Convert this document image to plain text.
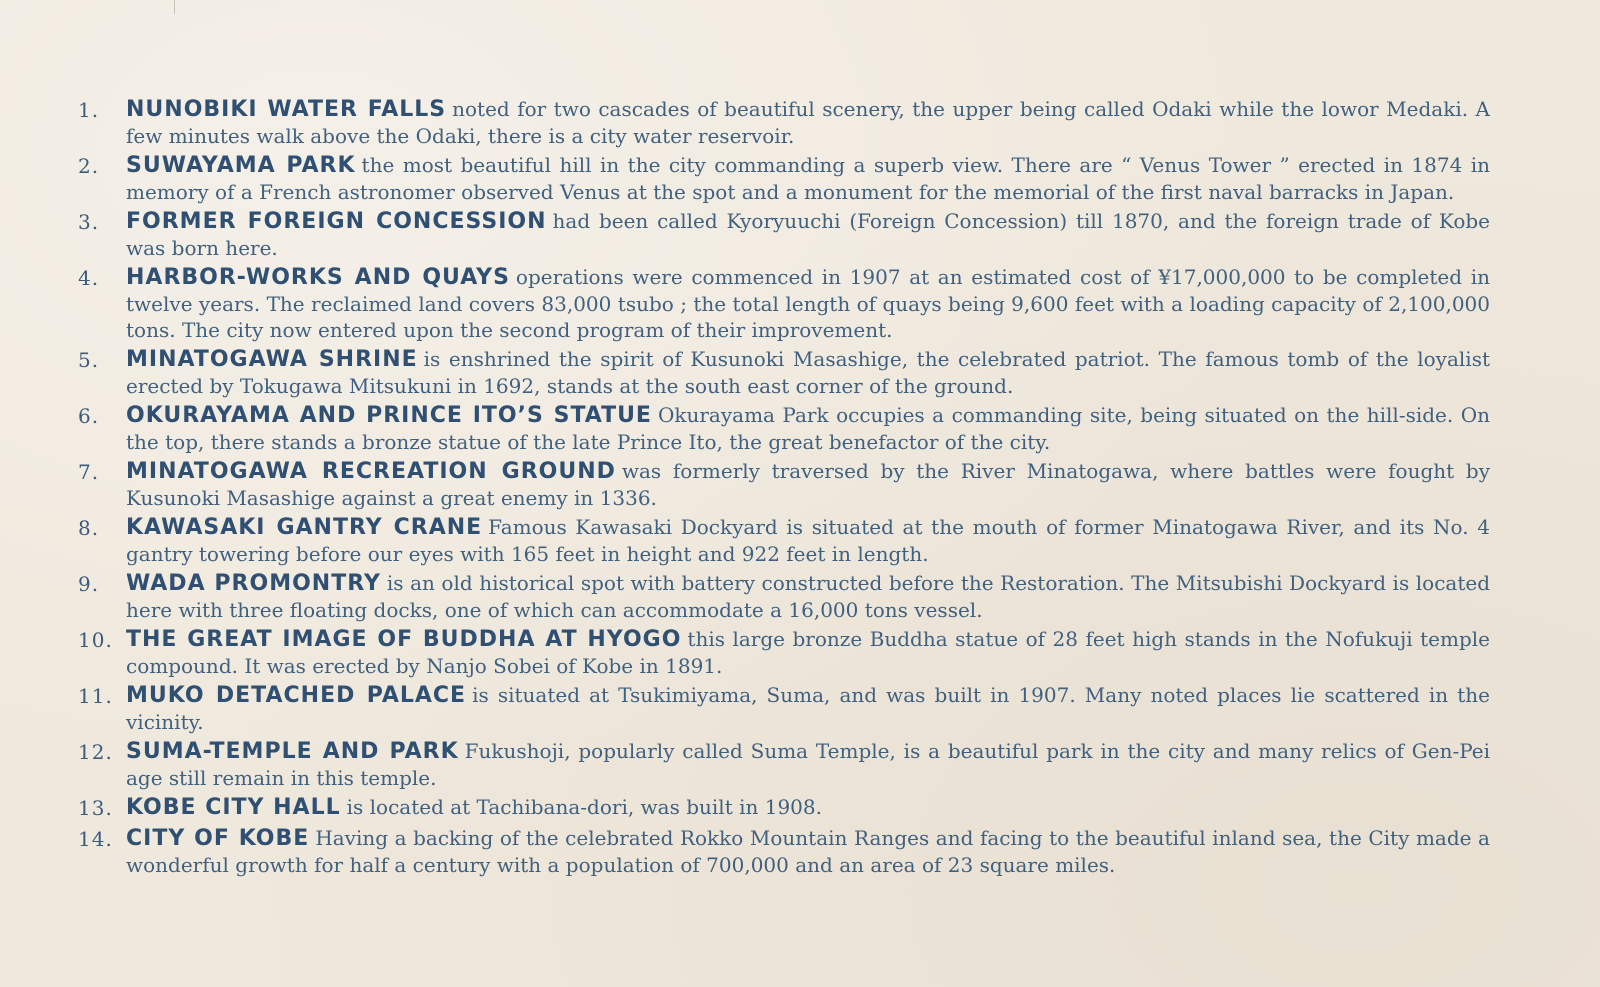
1.	NUNOBIKI WATER FALLS noted for two cascades of beautiful scenery, the upper being called Odaki while the lowor Medaki. A few minutes walk above the Odaki, there is a city water reservoir.
2.	SUWAYAMA PARK the most beautiful hill in the city commanding a superb view. There are “ Venus Tower ” erected in 1874 in memory of a French astronomer observed Venus at the spot and a monument for the memorial of the first naval barracks in Japan.
3.	FORMER FOREIGN CONCESSION had been called Kyoryuuchi (Foreign Concession) till 1870, and the foreign trade of Kobe was born here.
4.	HARBOR-WORKS AND QUAYS operations were commenced in 1907 at an estimated cost of ¥17,000,000 to be completed in twelve years. The reclaimed land covers 83,000 tsubo ; the total length of quays being 9,600 feet with a loading capacity of 2,100,000 tons. The city now entered upon the second program of their improvement.
5.	MINATOGAWA SHRINE is enshrined the spirit of Kusunoki Masashige, the celebrated patriot. The famous tomb of the loyalist erected by Tokugawa Mitsukuni in 1692, stands at the south east corner of the ground.
6.	OKURAYAMA AND PRINCE ITO’S STATUE Okurayama Park occupies a commanding site, being situated on the hill-side. On the top, there stands a bronze statue of the late Prince Ito, the great benefactor of the city.
7.	MINATOGAWA RECREATION GROUND was formerly traversed by the River Minatogawa, where battles were fought by Kusunoki Masashige against a great enemy in 1336.
8.	KAWASAKI GANTRY CRANE Famous Kawasaki Dockyard is situated at the mouth of former Minatogawa River, and its No. 4 gantry towering before our eyes with 165 feet in height and 922 feet in length.
9.	WADA PROMONTRY is an old historical spot with battery constructed before the Restoration. The Mitsubishi Dockyard is located here with three floating docks, one of which can accommodate a 16,000 tons vessel.
10. THE GREAT IMAGE OF BUDDHA AT HYOGO this large bronze Buddha statue of 28 feet high stands in the Nofukuji temple compound. It was erected by Nanjo Sobei of Kobe in 1891.
11. MUKO DETACHED PALACE is situated at Tsukimiyama, Suma, and was built in 1907. Many noted places lie scattered in the vicinity.
12. SUMA-TEMPLE AND PARK Fukushoji, popularly called Suma Temple, is a beautiful park in the city and many relics of Gen-Pei age still remain in this temple.
13. KOBE CITY HALL is located at Tachibana-dori, was built in 1908.
14. CITY OF KOBE Having a backing of the celebrated Rokko Mountain Ranges and facing to the beautiful inland sea, the City made a wonderful growth for half a century with a population of 700,000 and an area of 23 square miles.
